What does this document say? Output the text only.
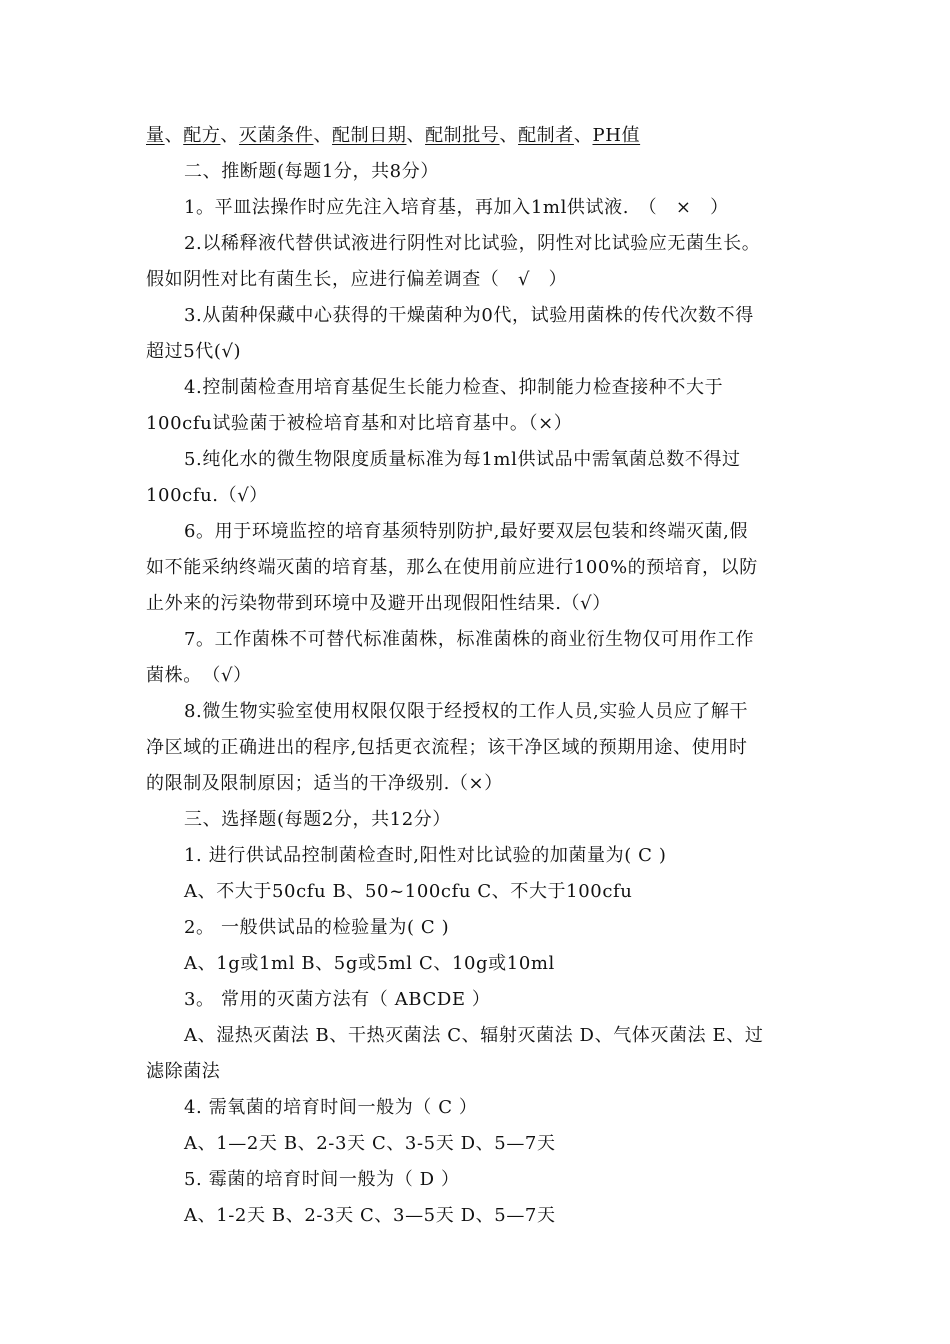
量、配方、灭菌条件、配制日期、配制批号、配制者、PH值
二、推断题(每题1分，共8分）
1。平皿法操作时应先注入培育基，再加入1ml供试液.　（　×　）
2.以稀释液代替供试液进行阴性对比试验，阴性对比试验应无菌生长。
假如阴性对比有菌生长，应进行偏差调查（　√　）
3.从菌种保藏中心获得的干燥菌种为0代，试验用菌株的传代次数不得
超过5代(√)
4.控制菌检查用培育基促生长能力检查、抑制能力检查接种不大于
100cfu试验菌于被检培育基和对比培育基中。（×）
5.纯化水的微生物限度质量标准为每1ml供试品中需氧菌总数不得过
100cfu.（√）
6。用于环境监控的培育基须特别防护,最好要双层包装和终端灭菌,假
如不能采纳终端灭菌的培育基，那么在使用前应进行100%的预培育，以防
止外来的污染物带到环境中及避开出现假阳性结果.（√）
7。工作菌株不可替代标准菌株，标准菌株的商业衍生物仅可用作工作
菌株。　（√）
8.微生物实验室使用权限仅限于经授权的工作人员,实验人员应了解干
净区域的正确进出的程序,包括更衣流程；该干净区域的预期用途、使用时
的限制及限制原因；适当的干净级别.（×）
三、选择题(每题2分，共12分）
1. 进行供试品控制菌检查时,阳性对比试验的加菌量为( C )
A、不大于50cfu B、50~100cfu C、不大于100cfu
2。 一般供试品的检验量为( C )
A、1g或1ml B、5g或5ml C、10g或10ml
3。 常用的灭菌方法有（ ABCDE ）
A、湿热灭菌法 B、干热灭菌法 C、辐射灭菌法 D、气体灭菌法 E、过
滤除菌法
4. 需氧菌的培育时间一般为（ C ）
A、1—2天 B、2-3天 C、3-5天 D、5—7天
5. 霉菌的培育时间一般为（ D ）
A、1-2天 B、2-3天 C、3—5天 D、5—7天
